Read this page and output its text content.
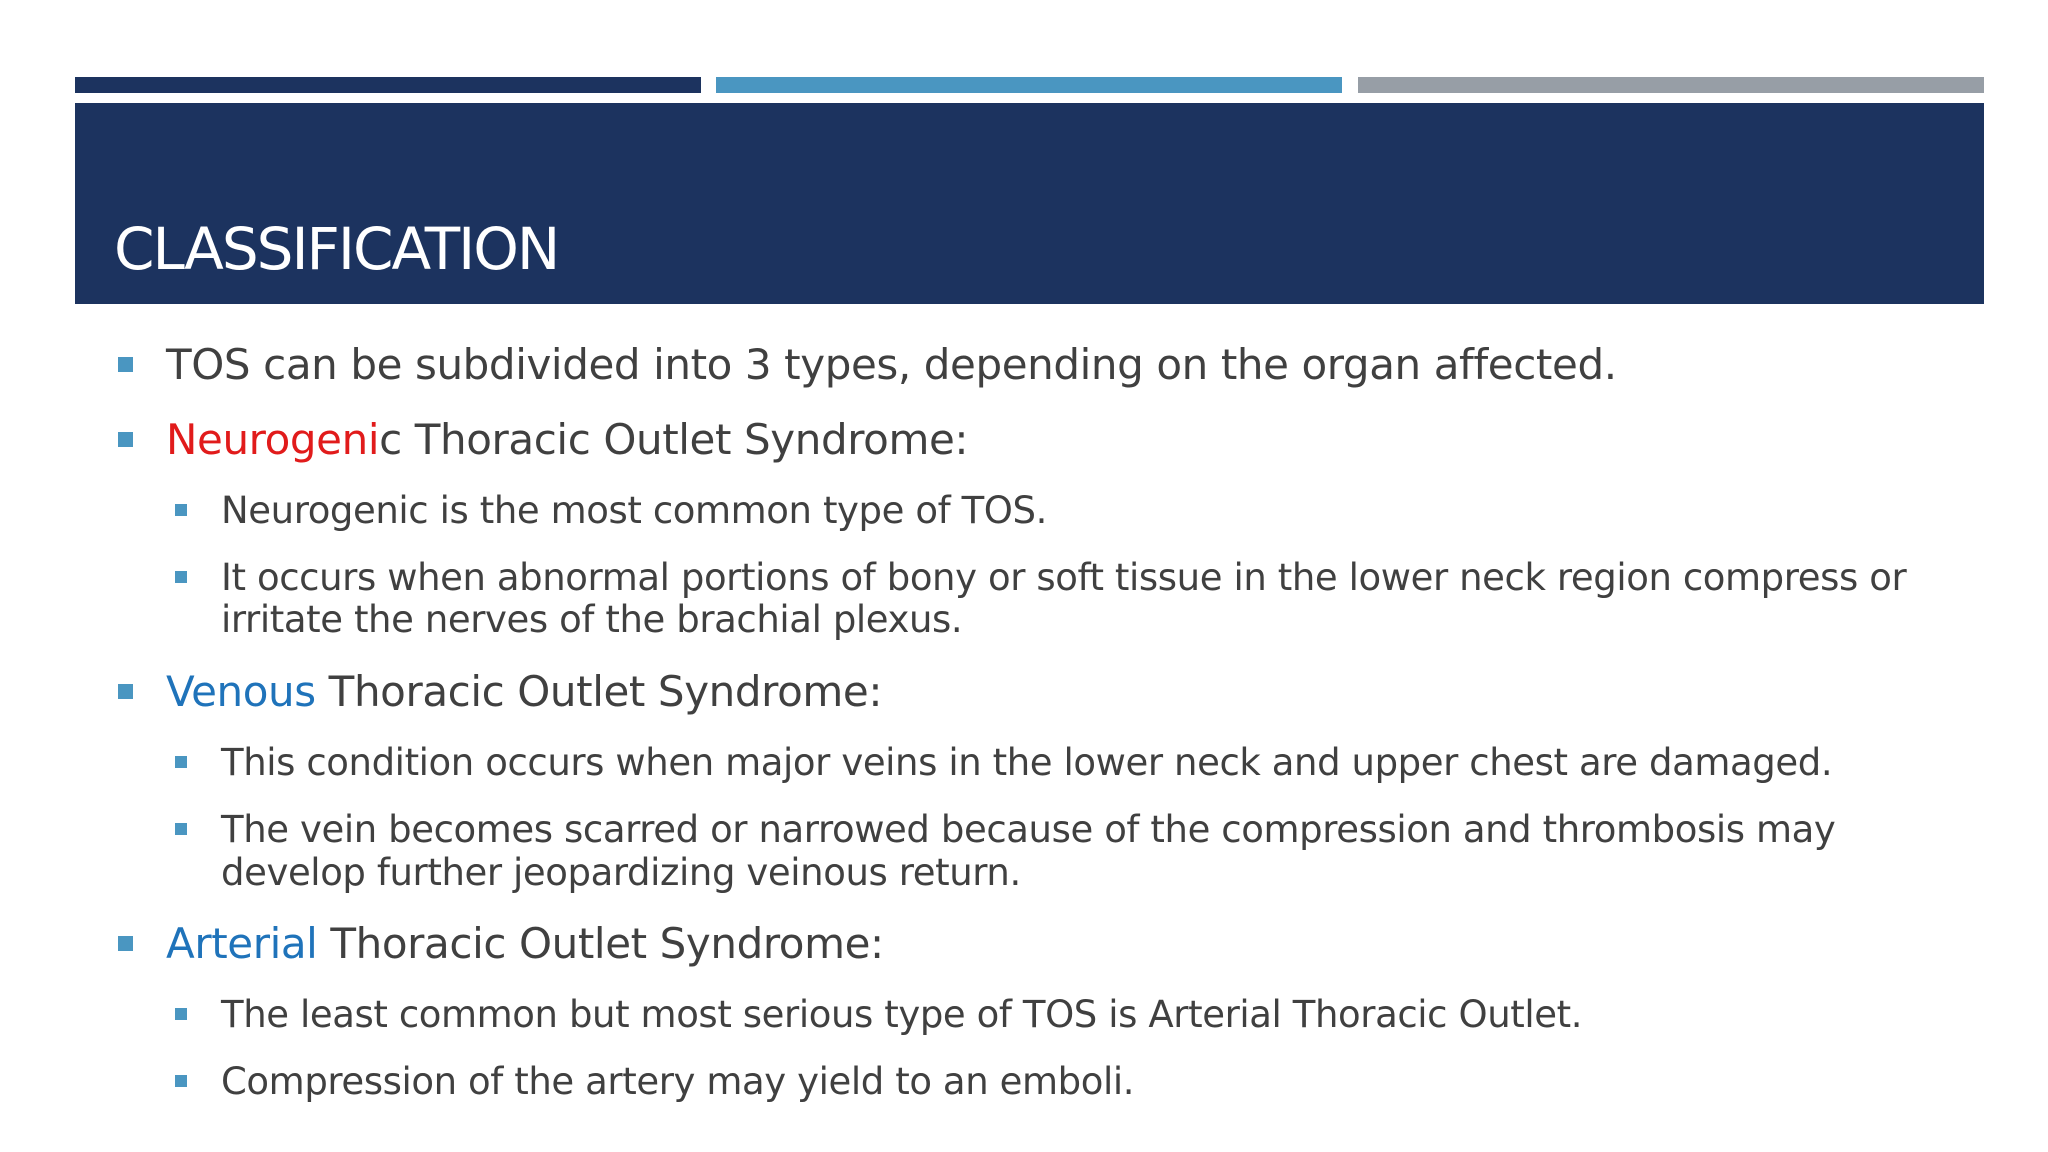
CLASSIFICATION
TOS can be subdivided into 3 types, depending on the organ affected.
Neurogenic Thoracic Outlet Syndrome:
Neurogenic is the most common type of TOS.
It occurs when abnormal portions of bony or soft tissue in the lower neck region compress or
irritate the nerves of the brachial plexus.
Venous Thoracic Outlet Syndrome:
This condition occurs when major veins in the lower neck and upper chest are damaged.
The vein becomes scarred or narrowed because of the compression and thrombosis may
develop further jeopardizing veinous return.
Arterial Thoracic Outlet Syndrome:
The least common but most serious type of TOS is Arterial Thoracic Outlet.
Compression of the artery may yield to an emboli.
